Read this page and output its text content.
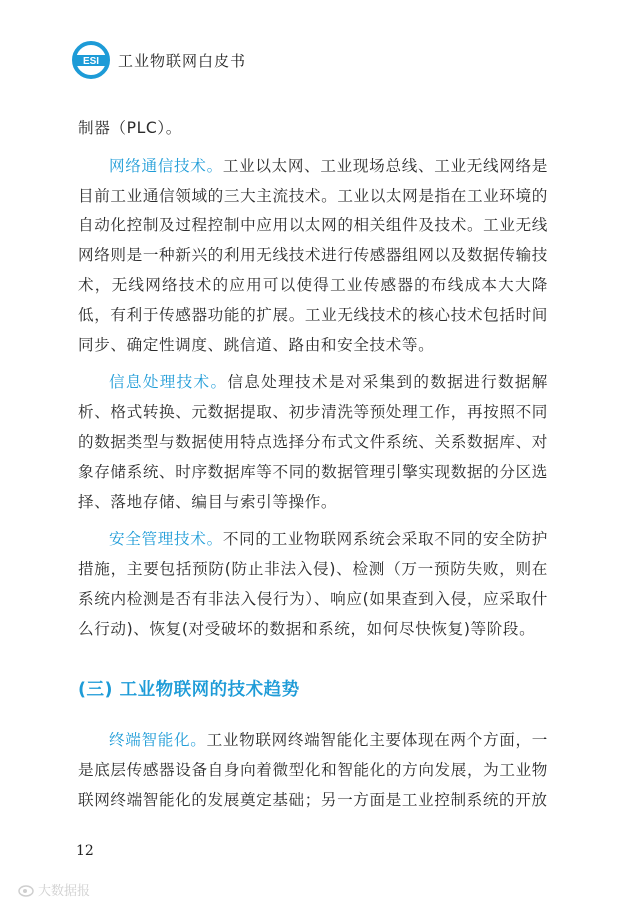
ESI 工业物联网白皮书

制器（PLC）。

网络通信技术。工业以太网、工业现场总线、工业无线网络是目前工业通信领域的三大主流技术。工业以太网是指在工业环境的自动化控制及过程控制中应用以太网的相关组件及技术。工业无线网络则是一种新兴的利用无线技术进行传感器组网以及数据传输技术，无线网络技术的应用可以使得工业传感器的布线成本大大降低，有利于传感器功能的扩展。工业无线技术的核心技术包括时间同步、确定性调度、跳信道、路由和安全技术等。

信息处理技术。信息处理技术是对采集到的数据进行数据解析、格式转换、元数据提取、初步清洗等预处理工作，再按照不同的数据类型与数据使用特点选择分布式文件系统、关系数据库、对象存储系统、时序数据库等不同的数据管理引擎实现数据的分区选择、落地存储、编目与索引等操作。

安全管理技术。不同的工业物联网系统会采取不同的安全防护措施，主要包括预防(防止非法入侵)、检测（万一预防失败，则在系统内检测是否有非法入侵行为）、响应(如果查到入侵，应采取什么行动)、恢复(对受破坏的数据和系统，如何尽快恢复)等阶段。

(三) 工业物联网的技术趋势

终端智能化。工业物联网终端智能化主要体现在两个方面，一是底层传感器设备自身向着微型化和智能化的方向发展，为工业物联网终端智能化的发展奠定基础；另一方面是工业控制系统的开放

12
大数据报
